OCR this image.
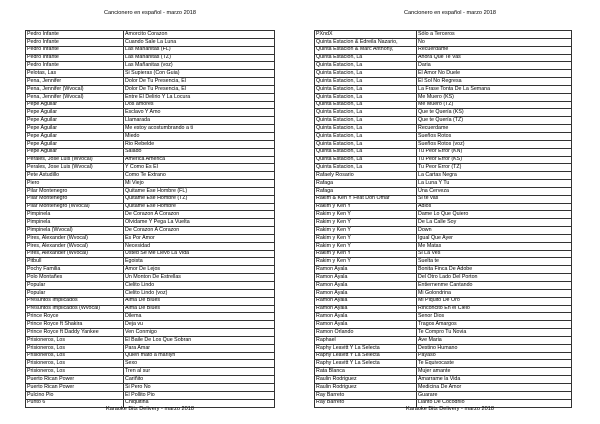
Cancionero en español - marzo 2018
Pedro Infante	Amorcito Corazon
Pedro Infante	Cuando Sale La Luna
Pedro Infante	Las Mañanitas (FL)
Pedro Infante	Las Mañanitas (TZ)
Pedro Infante	Las Mañanitas (voz)
Pelotas, Las	Si Supieras (Con Guia)
Pena, Jennifer	Dolor De Tu Presencia, El
Pena, Jennifer (Wvocal)	Dolor De Tu Presencia, El
Pena, Jennifer (Wvocal)	Entre El Delirio Y La Locura
Pepe Aguilar	Dos amores
Pepe Aguilar	Esclavo Y Amo
Pepe Aguilar	Llamarada
Pepe Aguilar	Me estoy acostumbrando a ti
Pepe Aguilar	Miedo
Pepe Aguilar	Rio Rebelde
Pepe Aguilar	Salado
Perales, Jose Luis (Wvocal)	America America
Perales, Jose Luis (Wvocal)	Y Como Es El
Pete Astudillo	Como Te Extrano
Piero	Mi Viejo
Pilar Montenegro	Quitame Ese Hombre (FL)
Pilar Montenegro	Quitame Ese Hombre (TZ)
Pilar Montenegro (Wvocal)	Quitame Ese Hombre
Pimpinela	De Corazon A Corazon
Pimpinela	Olvidame Y Pega La Vuelta
Pimpinela (Wvocal)	De Corazon A Corazon
Pires, Alexander (Wvocal)	Es Por Amor
Pires, Alexander (Wvocal)	Necesidad
Pires, Alexander (Wvocal)	Usted Se Me Llevo La Vida
Pitbull	Egoista
Pochy Familia	Amor De Lejos
Polo Montañes	Un Monton De Estrellas
Popular	Cielito Lindo
Popular	Cielito Lindo (voz)
Presuntos Implicados	Alma De Blues
Presuntos Implicados (Wvocal)	Alma De Blues
Prince Royce	Dilema
Prince Royce ft Shakira	Deja vu
Prince Royce ft Daddy Yankee	Ven Conmigo
Prisioneros, Los	El Baile De Los Que Sobran
Prisioneros, Los	Para Amar
Prisioneros, Los	Quien mato a marilyn
Prisioneros, Los	Sexo
Prisioneros, Los	Tren al sur
Puerto Rican Power	Cariñito
Puerto Rican Power	Si Pero No
Pulcino Pio	El Pollito Pio
Punto 6	Chiquitina
Karaoke Bits Delivery - marzo 2018
Cancionero en español - marzo 2018
PXndX	Sólo a Terceros
Quinta Estacion & Edreila Nazario,	No
Quinta Estacion & Marc Anthony,	Recuerdame
Quinta Estacion, La	Ahora Que Te Vas
Quinta Estacion, La	Daria
Quinta Estacion, La	El Amor No Duele
Quinta Estacion, La	El Sol No Regresa
Quinta Estacion, La	La Frase Tonta De La Semana
Quinta Estacion, La	Me Muero (KS)
Quinta Estacion, La	Me Muero (TZ)
Quinta Estacion, La	Que te Quería (KS)
Quinta Estacion, La	Que te Quería (TZ)
Quinta Estacion, La	Recuerdame
Quinta Estacion, La	Sueños Rotos
Quinta Estacion, La	Sueños Rotos (voz)
Quinta Estacion, La	Tu Peor Error (KN)
Quinta Estacion, La	Tu Peor Error (KS)
Quinta Estacion, La	Tu Peor Error (TZ)
Rafaely Rosario	La Cartas Negra
Rafaga	La Luna Y Tu
Rafaga	Una Cerveza
Rakim & Ken Y Feat Don Omar	Si te vas
Rakim y Ken Y	Adios
Rakim y Ken Y	Dame Lo Que Quiero
Rakim y Ken Y	De La Calle Soy
Rakim y Ken Y	Down
Rakim y Ken Y	Igual Que Ayer
Rakim y Ken Y	Me Matas
Rakim y Ken Y	Si La Ves
Rakim y Ken Y	Suelta te
Ramon Ayala	Bonita Finca De Adobe
Ramon Ayala	Del Otro Lado Del Porton
Ramon Ayala	Entiernenme Cantando
Ramon Ayala	Mi Golondrina
Ramon Ayala	Mi Piquito De Oro
Ramon Ayala	Rinconcito En el Cielo
Ramon Ayala	Senor Dios
Ramon Ayala	Tragos Amargos
Ramon Orlando	Te Compro Tu Novia
Raphael	Ave Maria
Raphy Leavitt Y La Selecta	Destino Humano
Raphy Leavitt Y La Selecta	Payaso
Raphy Leavitt Y La Selecta	Te Equivocaste
Rata Blanca	Mujer amante
Raulin Rodriguez	Amarrame la Vida
Raulin Rodriguez	Medicina De Amor
Ray Barreto	Guarare
Ray Barreto	Llanto De Cocodrilo
Karaoke Bits Delivery - marzo 2018
